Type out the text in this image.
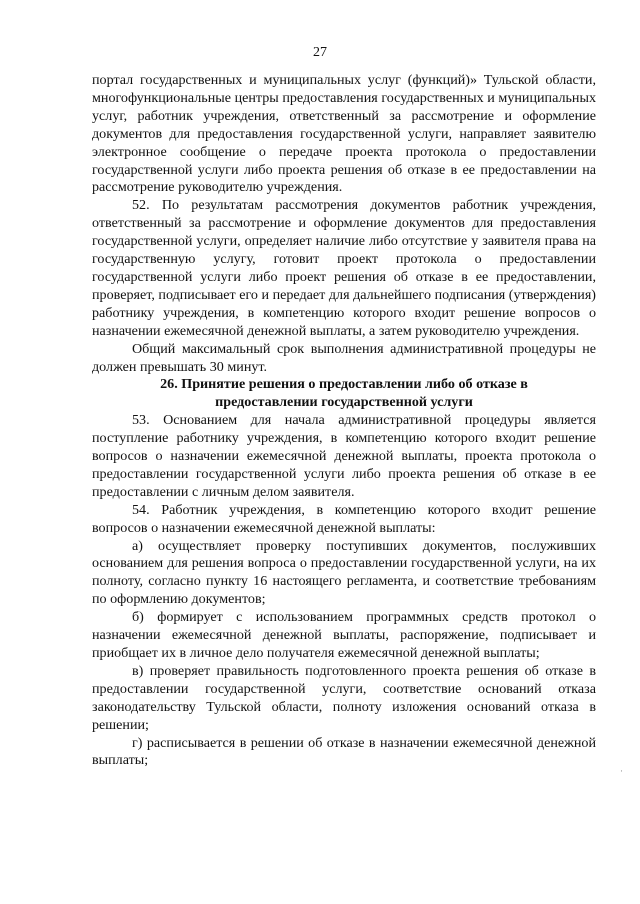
27

портал государственных и муниципальных услуг (функций)» Тульской области, многофункциональные центры предоставления государственных и муниципальных услуг, работник учреждения, ответственный за рассмотрение и оформление документов для предоставления государственной услуги, направляет заявителю электронное сообщение о передаче проекта протокола о предоставлении государственной услуги либо проекта решения об отказе в ее предоставлении на рассмотрение руководителю учреждения.

52. По результатам рассмотрения документов работник учреждения, ответственный за рассмотрение и оформление документов для предоставления государственной услуги, определяет наличие либо отсутствие у заявителя права на государственную услугу, готовит проект протокола о предоставлении государственной услуги либо проект решения об отказе в ее предоставлении, проверяет, подписывает его и передает для дальнейшего подписания (утверждения) работнику учреждения, в компетенцию которого входит решение вопросов о назначении ежемесячной денежной выплаты, а затем руководителю учреждения.

Общий максимальный срок выполнения административной процедуры не должен превышать 30 минут.

26. Принятие решения о предоставлении либо об отказе в
предоставлении государственной услуги

53. Основанием для начала административной процедуры является поступление работнику учреждения, в компетенцию которого входит решение вопросов о назначении ежемесячной денежной выплаты, проекта протокола о предоставлении государственной услуги либо проекта решения об отказе в ее предоставлении с личным делом заявителя.

54. Работник учреждения, в компетенцию которого входит решение вопросов о назначении ежемесячной денежной выплаты:

а) осуществляет проверку поступивших документов, послуживших основанием для решения вопроса о предоставлении государственной услуги, на их полноту, согласно пункту 16 настоящего регламента, и соответствие требованиям по оформлению документов;

б) формирует с использованием программных средств протокол о назначении ежемесячной денежной выплаты, распоряжение, подписывает и приобщает их в личное дело получателя ежемесячной денежной выплаты;

в) проверяет правильность подготовленного проекта решения об отказе в предоставлении государственной услуги, соответствие оснований отказа законодательству Тульской области, полноту изложения оснований отказа в решении;

г) расписывается в решении об отказе в назначении ежемесячной денежной выплаты;

·
